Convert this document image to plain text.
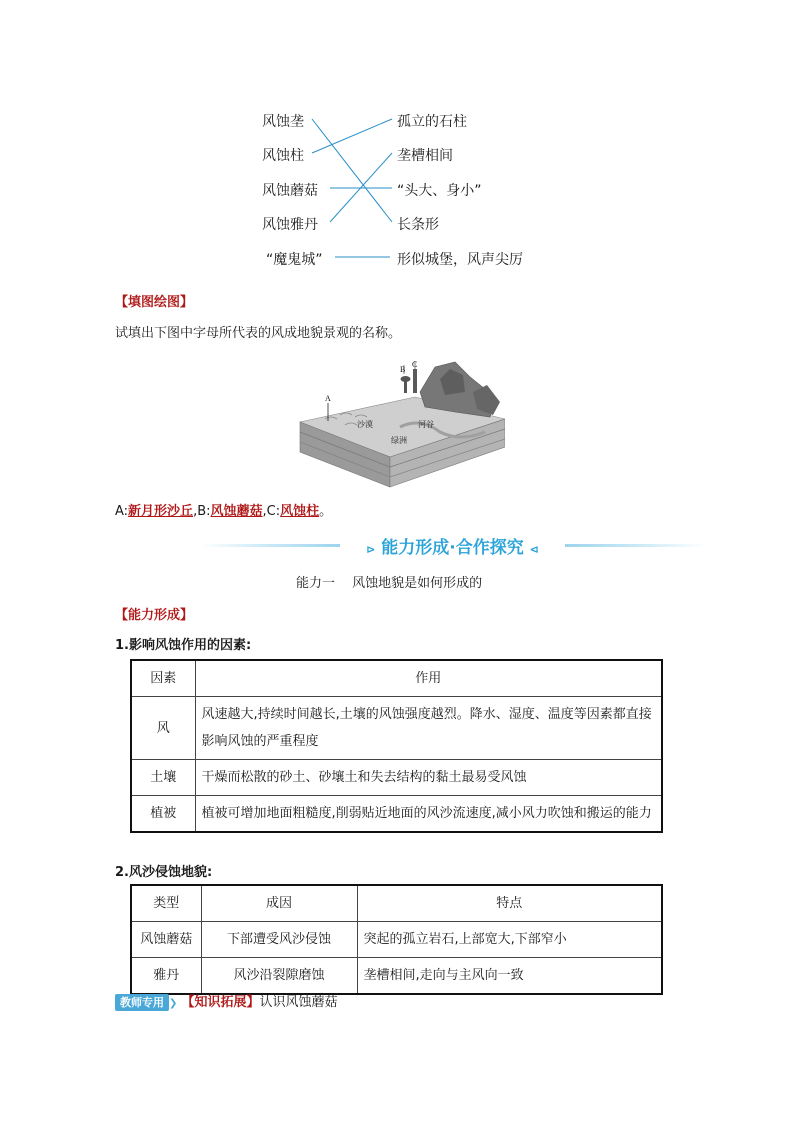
风蚀垄
风蚀柱
风蚀蘑菇
风蚀雅丹
“魔鬼城”
孤立的石柱
垄槽相间
“头大、身小”
长条形
形似城堡，风声尖厉
【填图绘图】
试填出下图中字母所代表的风成地貌景观的名称。
A
B
C
沙漠	河谷
绿洲
A:新月形沙丘,B:风蚀蘑菇,C:风蚀柱。
⊳ 能力形成·合作探究 ⊲
能力一　 风蚀地貌是如何形成的
【能力形成】
1.影响风蚀作用的因素:
因素	作用
风	风速越大,持续时间越长,土壤的风蚀强度越烈。降水、湿度、温度等因素都直接影响风蚀的严重程度
土壤	干燥而松散的砂土、砂壤土和失去结构的黏土最易受风蚀
植被	植被可增加地面粗糙度,削弱贴近地面的风沙流速度,减小风力吹蚀和搬运的能力
2.风沙侵蚀地貌:
类型	成因	特点
风蚀蘑菇	下部遭受风沙侵蚀	突起的孤立岩石,上部宽大,下部窄小
雅丹	风沙沿裂隙磨蚀	垄槽相间,走向与主风向一致
教师专用 ❯ 【知识拓展】认识风蚀蘑菇
